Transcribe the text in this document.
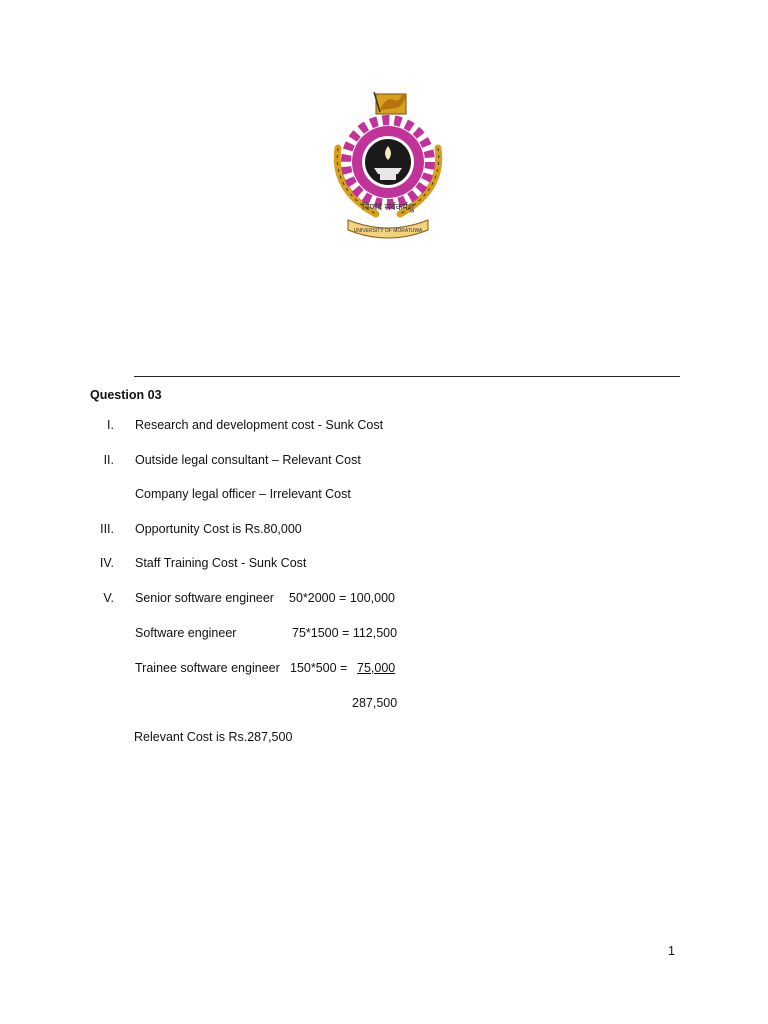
निप्पदं सर्वकर्मशु
UNIVERSITY OF MORATUWA
Question 03
I. Research and development cost - Sunk Cost
II. Outside legal consultant – Relevant Cost
Company legal officer – Irrelevant Cost
III. Opportunity Cost is Rs.80,000
IV. Staff Training Cost - Sunk Cost
V. Senior software engineer 50*2000 = 100,000
Software engineer	75*1500 = 112,500
Trainee software engineer 150*500 = 75,000
287,500
Relevant Cost is Rs.287,500
1
